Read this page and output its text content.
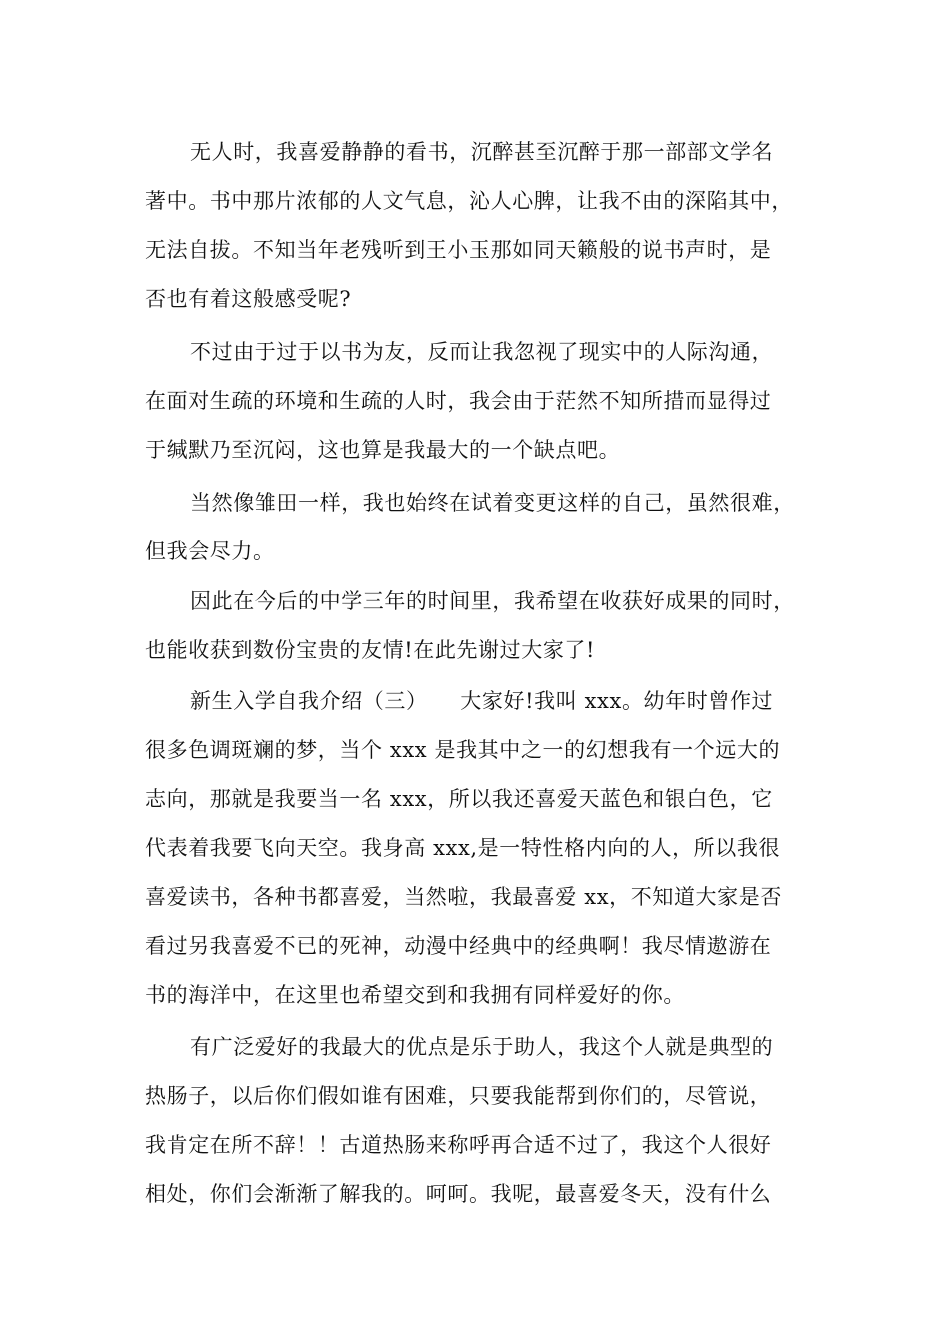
无人时，我喜爱静静的看书，沉醉甚至沉醉于那一部部文学名
著中。书中那片浓郁的人文气息，沁人心脾，让我不由的深陷其中，
无法自拔。不知当年老残听到王小玉那如同天籁般的说书声时，是
否也有着这般感受呢?
不过由于过于以书为友，反而让我忽视了现实中的人际沟通，
在面对生疏的环境和生疏的人时，我会由于茫然不知所措而显得过
于缄默乃至沉闷，这也算是我最大的一个缺点吧。
当然像雏田一样，我也始终在试着变更这样的自己，虽然很难，
但我会尽力。
因此在今后的中学三年的时间里，我希望在收获好成果的同时，
也能收获到数份宝贵的友情!在此先谢过大家了!
新生入学自我介绍（三）　　大家好!我叫 xxx。幼年时曾作过
很多色调斑斓的梦，当个 xxx 是我其中之一的幻想我有一个远大的
志向，那就是我要当一名 xxx，所以我还喜爱天蓝色和银白色，它
代表着我要飞向天空。我身高 xxx,是一特性格内向的人，所以我很
喜爱读书，各种书都喜爱，当然啦，我最喜爱 xx，不知道大家是否
看过另我喜爱不已的死神，动漫中经典中的经典啊！我尽情遨游在
书的海洋中，在这里也希望交到和我拥有同样爱好的你。
有广泛爱好的我最大的优点是乐于助人，我这个人就是典型的
热肠子，以后你们假如谁有困难，只要我能帮到你们的，尽管说，
我肯定在所不辞！！古道热肠来称呼再合适不过了，我这个人很好
相处，你们会渐渐了解我的。呵呵。我呢，最喜爱冬天，没有什么
